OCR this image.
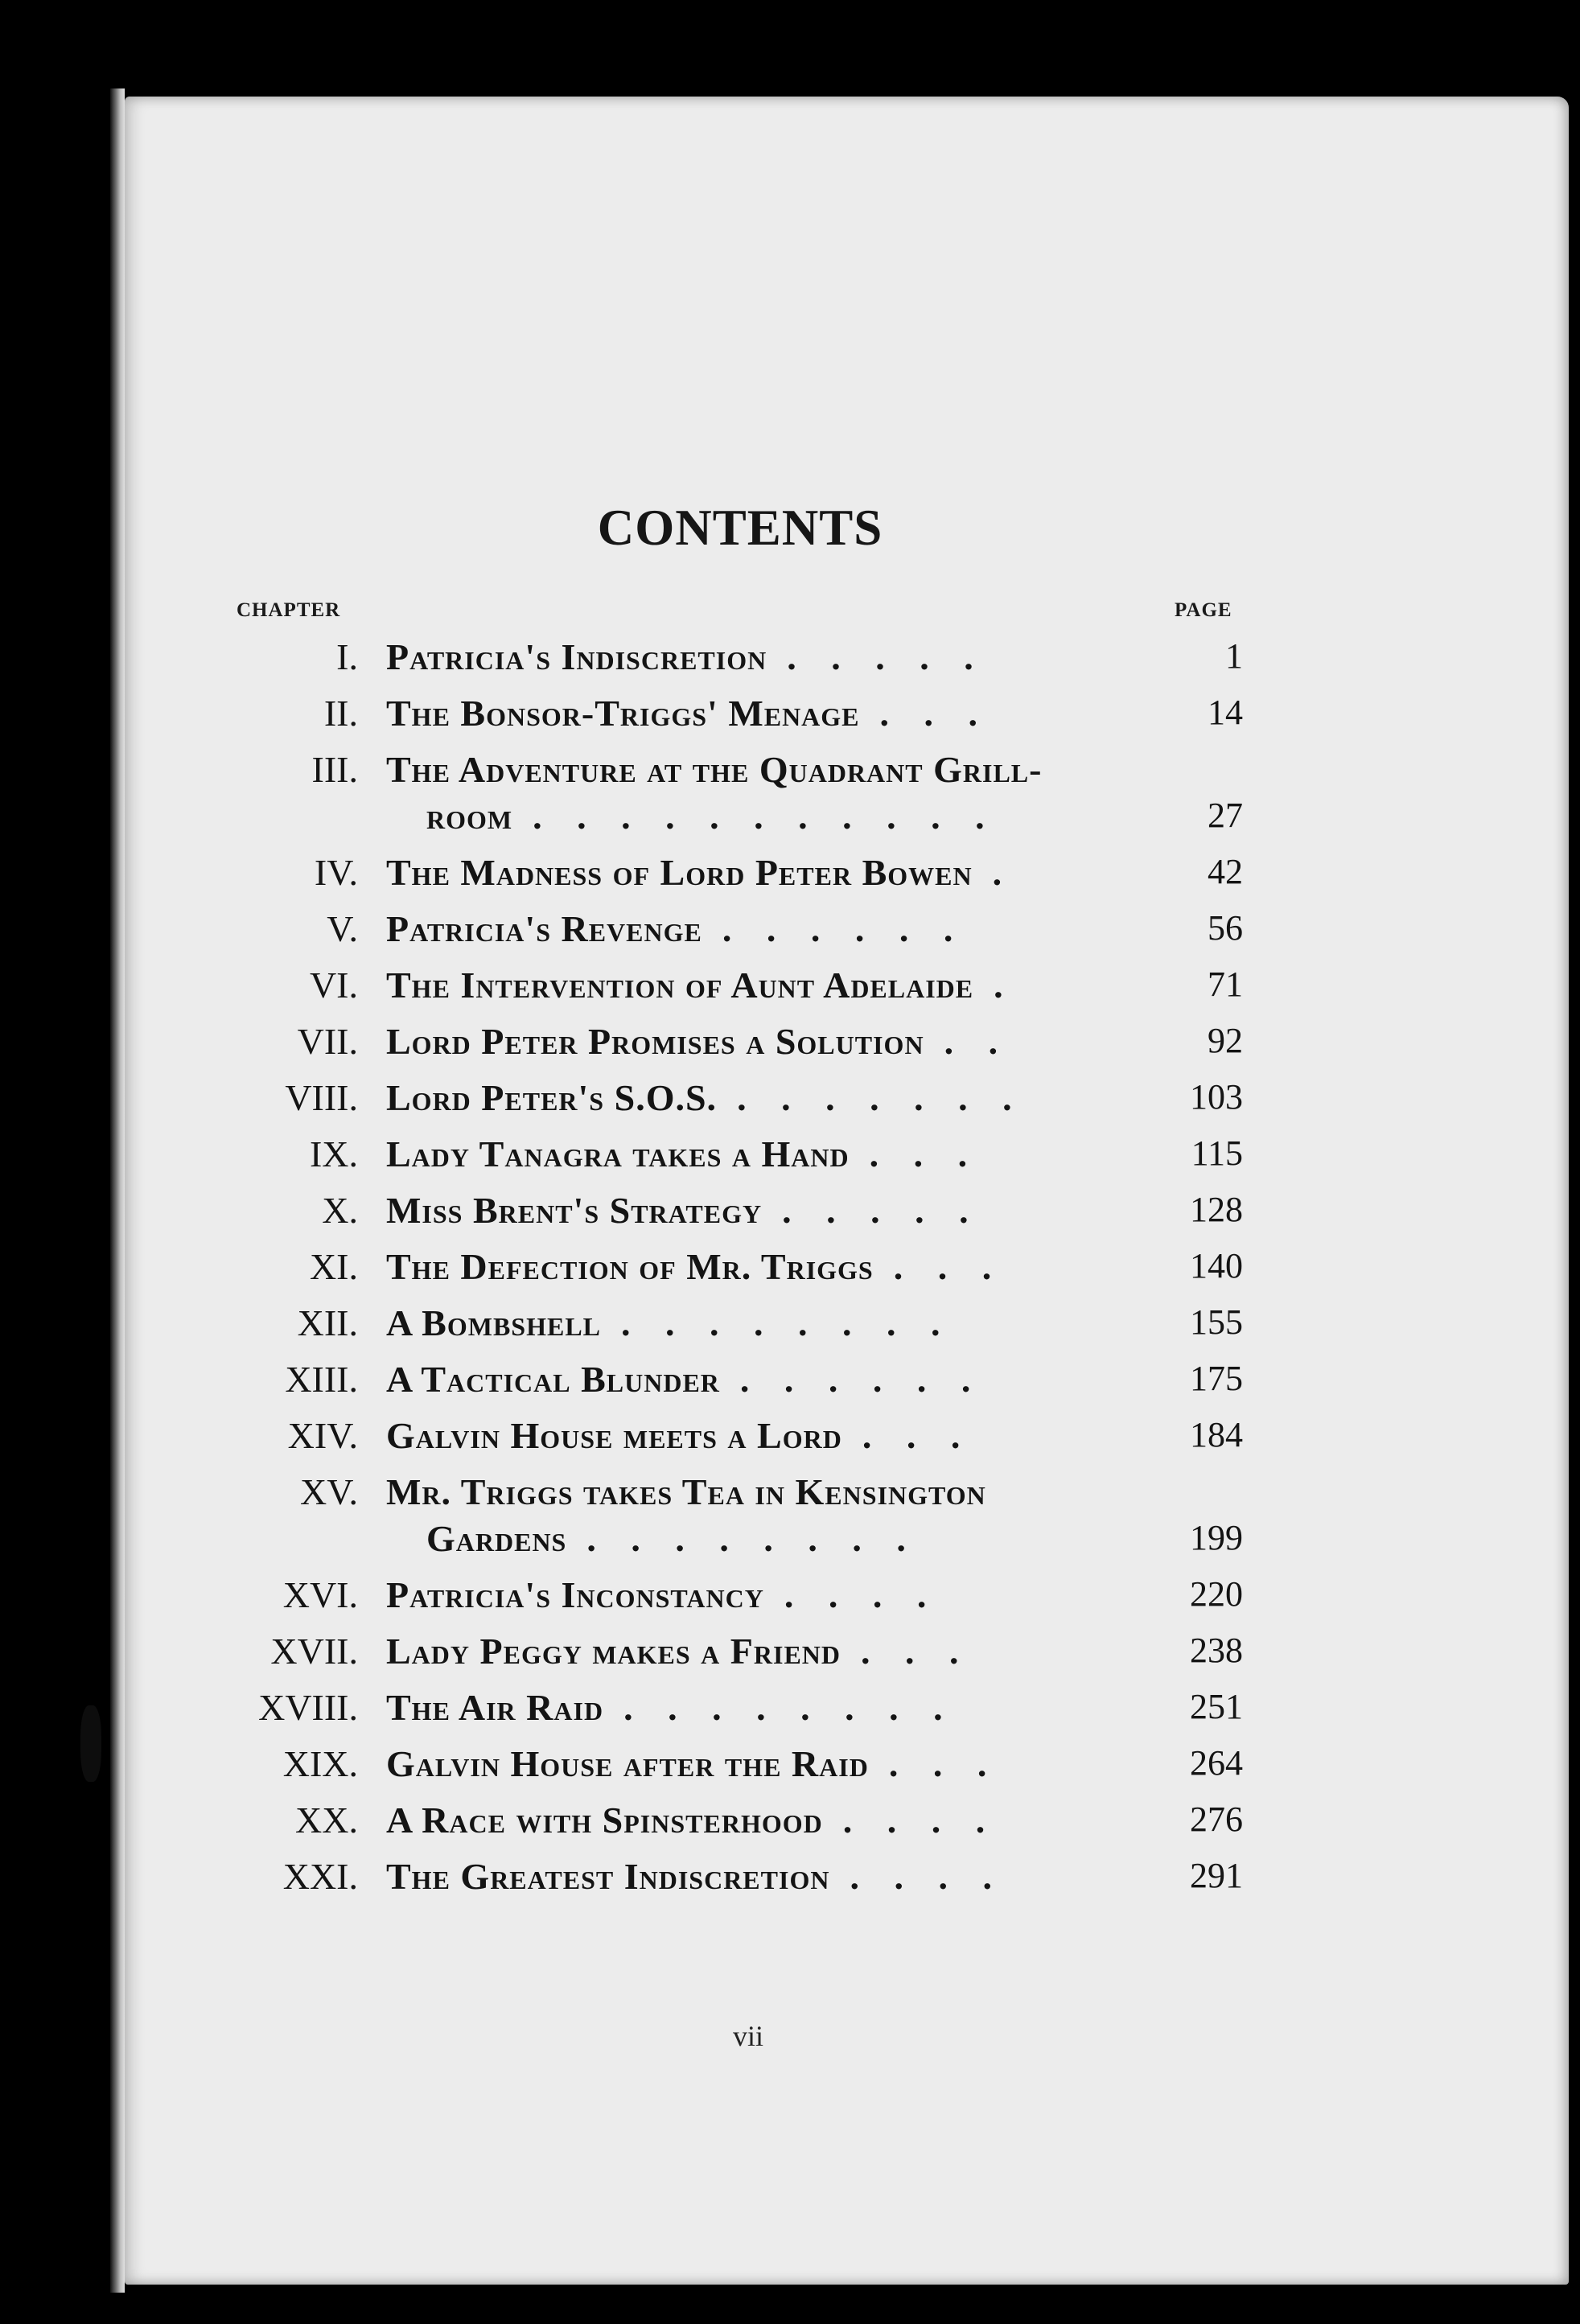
CONTENTS
CHAPTER	PAGE
I. Patricia's Indiscretion . . . . .	1
II. The Bonsor-Triggs' Menage . . .	14
III. The Adventure at the Quadrant Grill-
room . . . . . . . . . . .	27
IV. The Madness of Lord Peter Bowen .	42
V. Patricia's Revenge . . . . . .	56
VI. The Intervention of Aunt Adelaide .	71
VII. Lord Peter Promises a Solution . .	92
VIII. Lord Peter's S.O.S. . . . . . . .	103
IX. Lady Tanagra takes a Hand . . .	115
X. Miss Brent's Strategy . . . . .	128
XI. The Defection of Mr. Triggs . . .	140
XII. A Bombshell . . . . . . . .	155
XIII. A Tactical Blunder . . . . . .	175
XIV. Galvin House meets a Lord . . .	184
XV. Mr. Triggs takes Tea in Kensington
Gardens . . . . . . . .	199
XVI. Patricia's Inconstancy . . . .	220
XVII. Lady Peggy makes a Friend . . .	238
XVIII. The Air Raid . . . . . . . .	251
XIX. Galvin House after the Raid . . .	264
XX. A Race with Spinsterhood . . . .	276
XXI. The Greatest Indiscretion . . . .	291
vii
